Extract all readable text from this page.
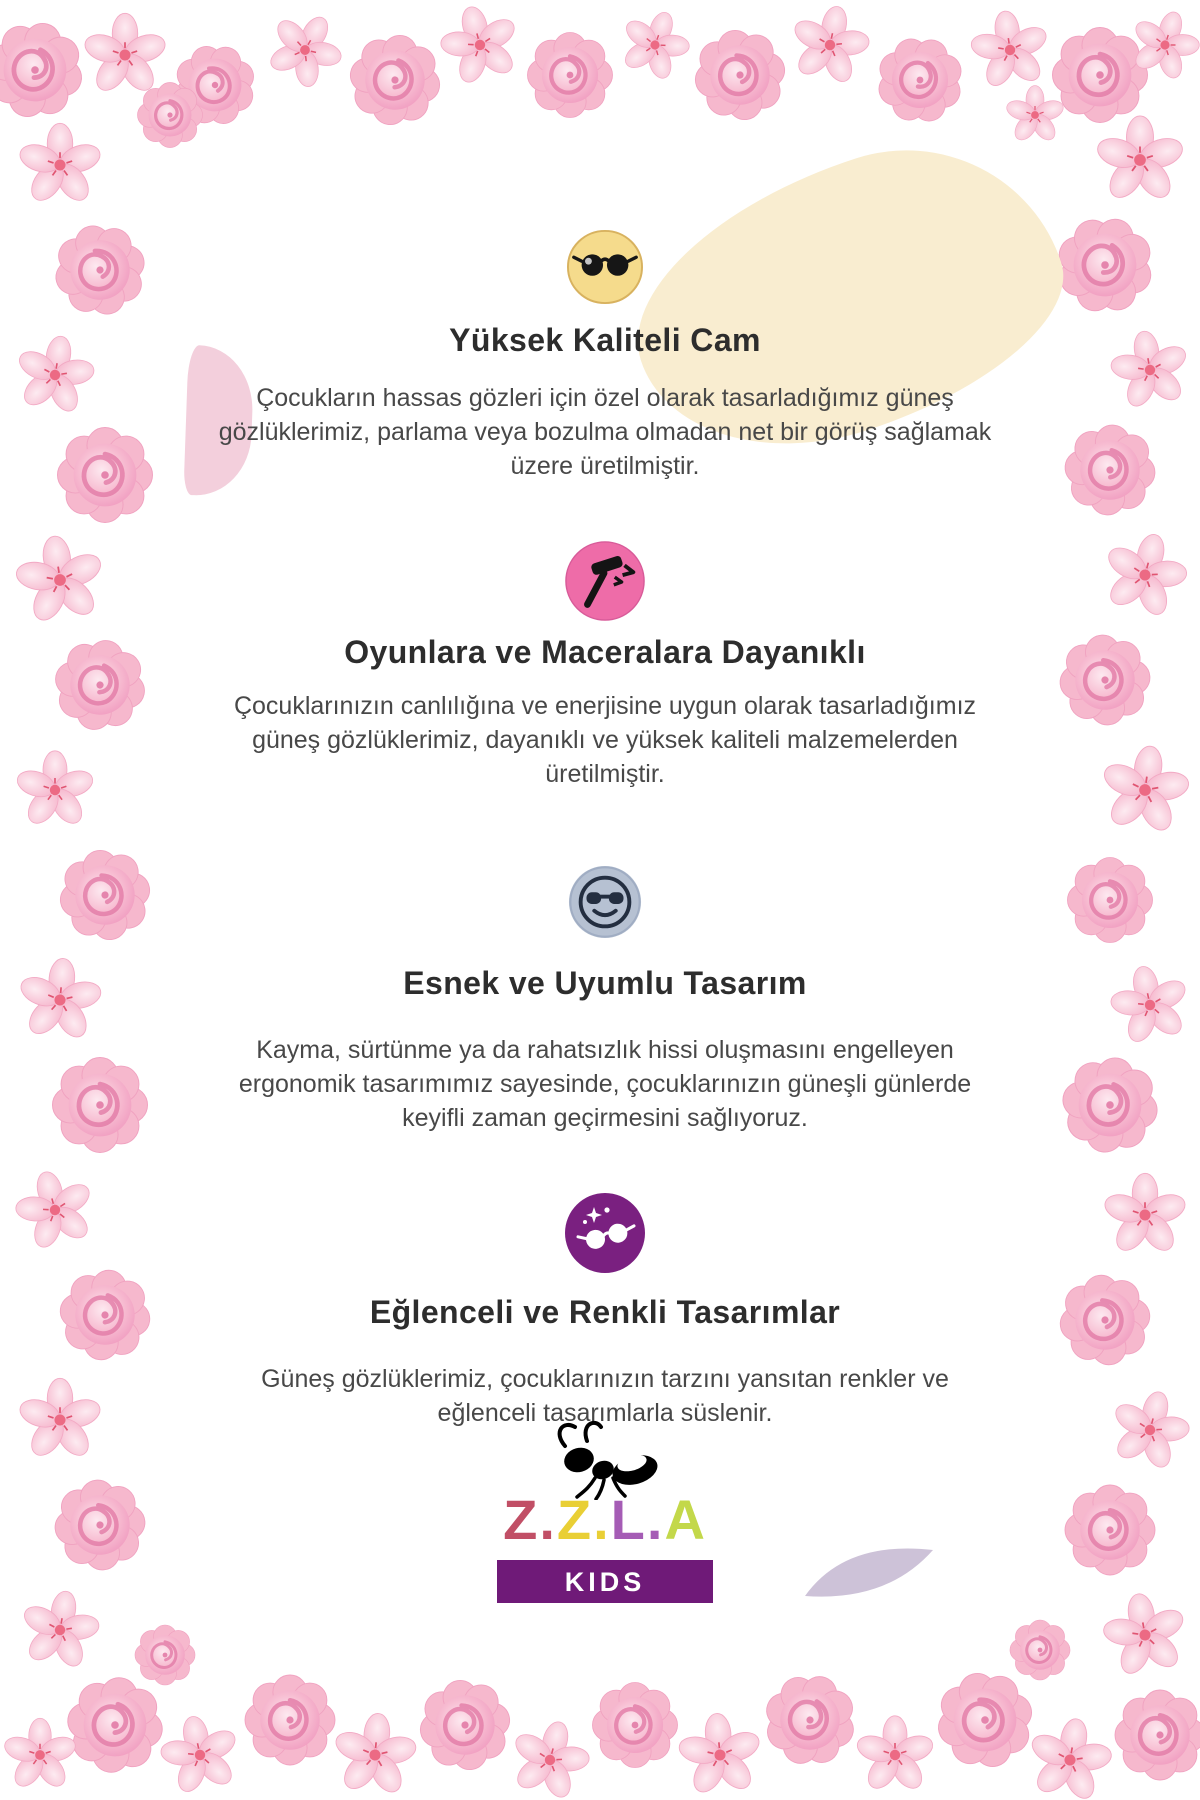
Yüksek Kaliteli Cam

Çocukların hassas gözleri için özel olarak tasarladığımız güneş gözlüklerimiz, parlama veya bozulma olmadan net bir görüş sağlamak üzere üretilmiştir.

Oyunlara ve Maceralara Dayanıklı

Çocuklarınızın canlılığına ve enerjisine uygun olarak tasarladığımız güneş gözlüklerimiz, dayanıklı ve yüksek kaliteli malzemelerden üretilmiştir.

Esnek ve Uyumlu Tasarım

Kayma, sürtünme ya da rahatsızlık hissi oluşmasını engelleyen ergonomik tasarımımız sayesinde, çocuklarınızın güneşli günlerde keyifli zaman geçirmesini sağlıyoruz.

Eğlenceli ve Renkli Tasarımlar

Güneş gözlüklerimiz, çocuklarınızın tarzını yansıtan renkler ve eğlenceli tasarımlarla süslenir.

Z.Z.L.A
KIDS
